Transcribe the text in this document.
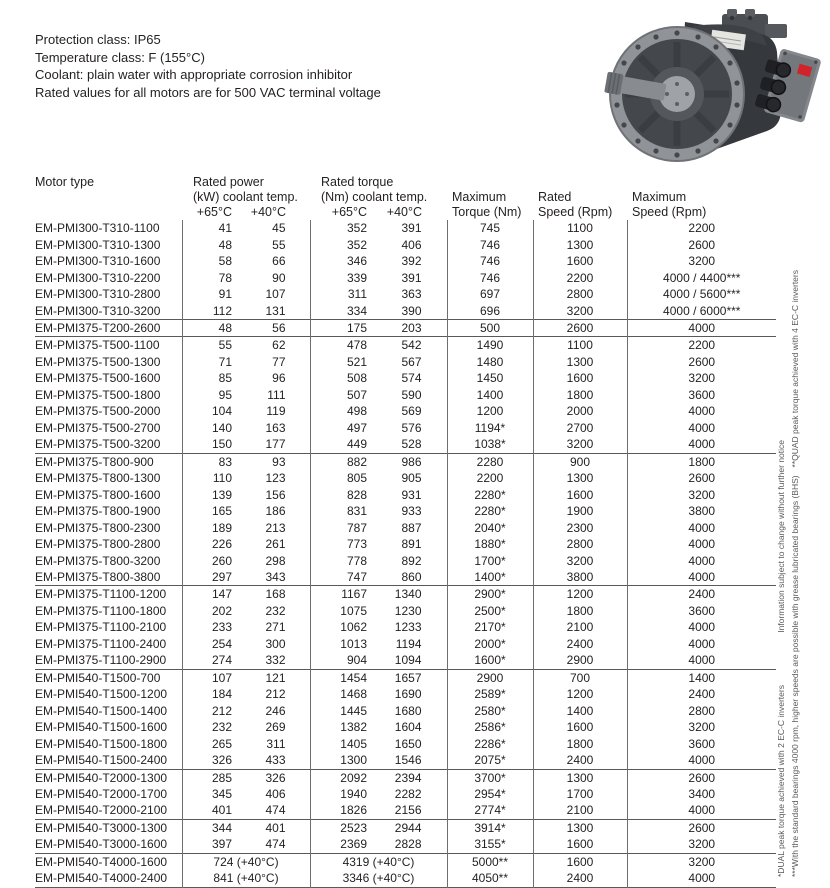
Protection class: IP65
Temperature class: F (155°C)
Coolant: plain water with appropriate corrosion inhibitor
Rated values for all motors are for 500 VAC terminal voltage
Motor type	Rated power		Rated torque				
	(kW) coolant temp.		(Nm) coolant temp.		Maximum	Rated	Maximum
	+65°C	+40°C	+65°C	+40°C	Torque (Nm)	Speed (Rpm)	Speed (Rpm)
EM-PMI300-T310-1100	41	45	352	391	745	1100	2200
EM-PMI300-T310-1300	48	55	352	406	746	1300	2600
EM-PMI300-T310-1600	58	66	346	392	746	1600	3200
EM-PMI300-T310-2200	78	90	339	391	746	2200	4000 / 4400***
EM-PMI300-T310-2800	91	107	311	363	697	2800	4000 / 5600***
EM-PMI300-T310-3200	112	131	334	390	696	3200	4000 / 6000***
EM-PMI375-T200-2600	48	56	175	203	500	2600	4000
EM-PMI375-T500-1100	55	62	478	542	1490	1100	2200
EM-PMI375-T500-1300	71	77	521	567	1480	1300	2600
EM-PMI375-T500-1600	85	96	508	574	1450	1600	3200
EM-PMI375-T500-1800	95	111	507	590	1400	1800	3600
EM-PMI375-T500-2000	104	119	498	569	1200	2000	4000
EM-PMI375-T500-2700	140	163	497	576	1194*	2700	4000
EM-PMI375-T500-3200	150	177	449	528	1038*	3200	4000
EM-PMI375-T800-900	83	93	882	986	2280	900	1800
EM-PMI375-T800-1300	110	123	805	905	2200	1300	2600
EM-PMI375-T800-1600	139	156	828	931	2280*	1600	3200
EM-PMI375-T800-1900	165	186	831	933	2280*	1900	3800
EM-PMI375-T800-2300	189	213	787	887	2040*	2300	4000
EM-PMI375-T800-2800	226	261	773	891	1880*	2800	4000
EM-PMI375-T800-3200	260	298	778	892	1700*	3200	4000
EM-PMI375-T800-3800	297	343	747	860	1400*	3800	4000
EM-PMI375-T1100-1200	147	168	1167	1340	2900*	1200	2400
EM-PMI375-T1100-1800	202	232	1075	1230	2500*	1800	3600
EM-PMI375-T1100-2100	233	271	1062	1233	2170*	2100	4000
EM-PMI375-T1100-2400	254	300	1013	1194	2000*	2400	4000
EM-PMI375-T1100-2900	274	332	904	1094	1600*	2900	4000
EM-PMI540-T1500-700	107	121	1454	1657	2900	700	1400
EM-PMI540-T1500-1200	184	212	1468	1690	2589*	1200	2400
EM-PMI540-T1500-1400	212	246	1445	1680	2580*	1400	2800
EM-PMI540-T1500-1600	232	269	1382	1604	2586*	1600	3200
EM-PMI540-T1500-1800	265	311	1405	1650	2286*	1800	3600
EM-PMI540-T1500-2400	326	433	1300	1546	2075*	2400	4000
EM-PMI540-T2000-1300	285	326	2092	2394	3700*	1300	2600
EM-PMI540-T2000-1700	345	406	1940	2282	2954*	1700	3400
EM-PMI540-T2000-2100	401	474	1826	2156	2774*	2100	4000
EM-PMI540-T3000-1300	344	401	2523	2944	3914*	1300	2600
EM-PMI540-T3000-1600	397	474	2369	2828	3155*	1600	3200
EM-PMI540-T4000-1600	724 (+40°C)		4319 (+40°C)		5000**	1600	3200
EM-PMI540-T4000-2400	841 (+40°C)		3346 (+40°C)		4050**	2400	4000
***With the standard bearings 4000 rpm, higher speeds are possible with grease lubricated bearings (BHS)
**QUAD peak torque achieved with 4 EC-C inverters
*DUAL peak torque achieved with 2 EC-C inverters
Information subject to change without further notice
